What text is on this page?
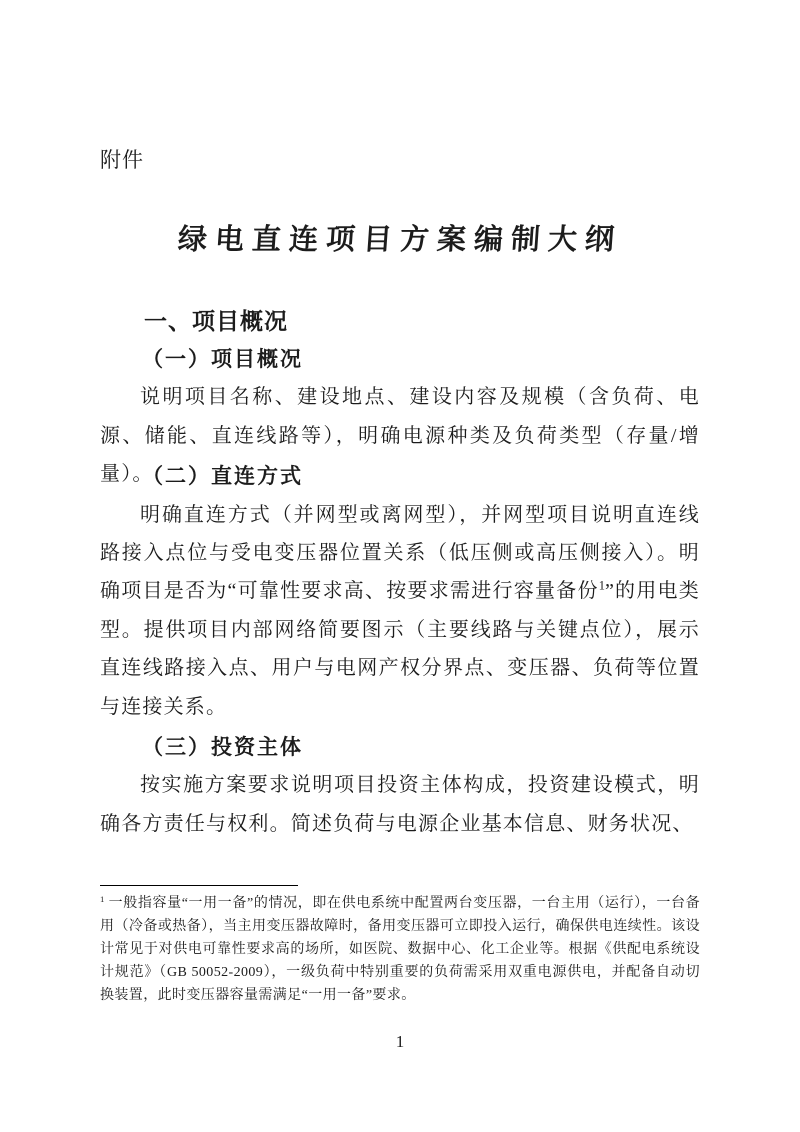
附件

绿电直连项目方案编制大纲
一、项目概况
（一）项目概况

说明项目名称、建设地点、建设内容及规模（含负荷、电源、储能、直连线路等），明确电源种类及负荷类型（存量/增量）。

（二）直连方式

明确直连方式（并网型或离网型），并网型项目说明直连线路接入点位与受电变压器位置关系（低压侧或高压侧接入）。明确项目是否为“可靠性要求高、按要求需进行容量备份$^1$”的用电类型。提供项目内部网络简要图示（主要线路与关键点位），展示直连线路接入点、用户与电网产权分界点、变压器、负荷等位置与连接关系。

（三）投资主体

按实施方案要求说明项目投资主体构成，投资建设模式，明确各方责任与权利。简述负荷与电源企业基本信息、财务状况、

$^1$ 一般指容量“一用一备”的情况，即在供电系统中配置两台变压器，一台主用（运行），一台备用（冷备或热备），当主用变压器故障时，备用变压器可立即投入运行，确保供电连续性。该设计常见于对供电可靠性要求高的场所，如医院、数据中心、化工企业等。根据《供配电系统设计规范》（GB 50052-2009），一级负荷中特别重要的负荷需采用双重电源供电，并配备自动切换装置，此时变压器容量需满足“一用一备”要求。

1
